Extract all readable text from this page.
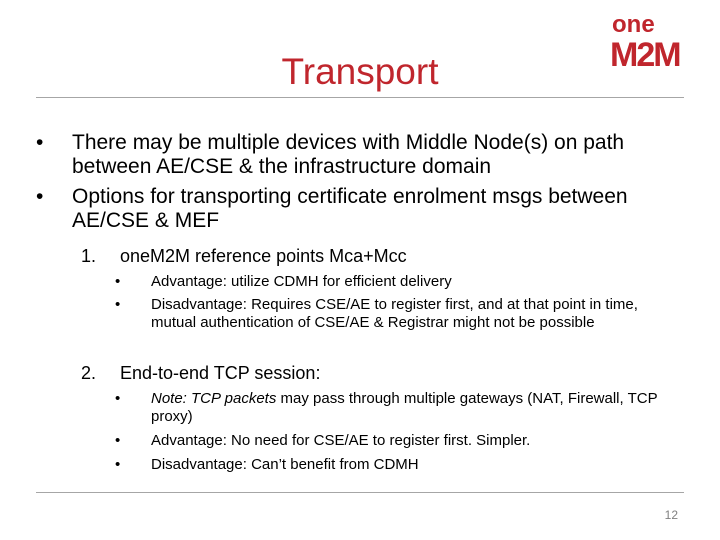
Transport
one
M2M
• There may be multiple devices with Middle Node(s) on path between AE/CSE & the infrastructure domain
• Options for transporting certificate enrolment msgs between AE/CSE & MEF
1. oneM2M reference points Mca+Mcc
• Advantage: utilize CDMH for efficient delivery
• Disadvantage: Requires CSE/AE to register first, and at that point in time, mutual authentication of CSE/AE & Registrar might not be possible
2. End-to-end TCP session:
• Note: TCP packets may pass through multiple gateways (NAT, Firewall, TCP proxy)
• Advantage: No need for CSE/AE to register first. Simpler.
• Disadvantage: Can’t benefit from CDMH
12
